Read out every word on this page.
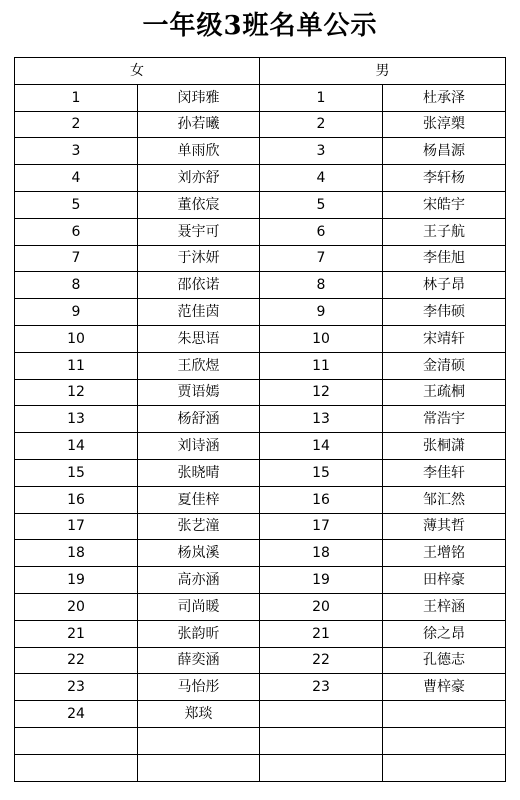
一年级3班名单公示
女		男	
1	闵玮雅	1	杜承泽
2	孙若曦	2	张淳槊
3	单雨欣	3	杨昌源
4	刘亦舒	4	李轩杨
5	董依宸	5	宋皓宇
6	聂宇可	6	王子航
7	于沐妍	7	李佳旭
8	邵依诺	8	林子昂
9	范佳茵	9	李伟硕
10	朱思语	10	宋靖轩
11	王欣煜	11	金清硕
12	贾语嫣	12	王疏桐
13	杨舒涵	13	常浩宇
14	刘诗涵	14	张桐潇
15	张晓晴	15	李佳轩
16	夏佳梓	16	邹汇然
17	张艺潼	17	薄其哲
18	杨岚溪	18	王增铭
19	高亦涵	19	田梓豪
20	司尚暖	20	王梓涵
21	张韵昕	21	徐之昂
22	薛奕涵	22	孔德志
23	马怡彤	23	曹梓豪
24	郑琰		
